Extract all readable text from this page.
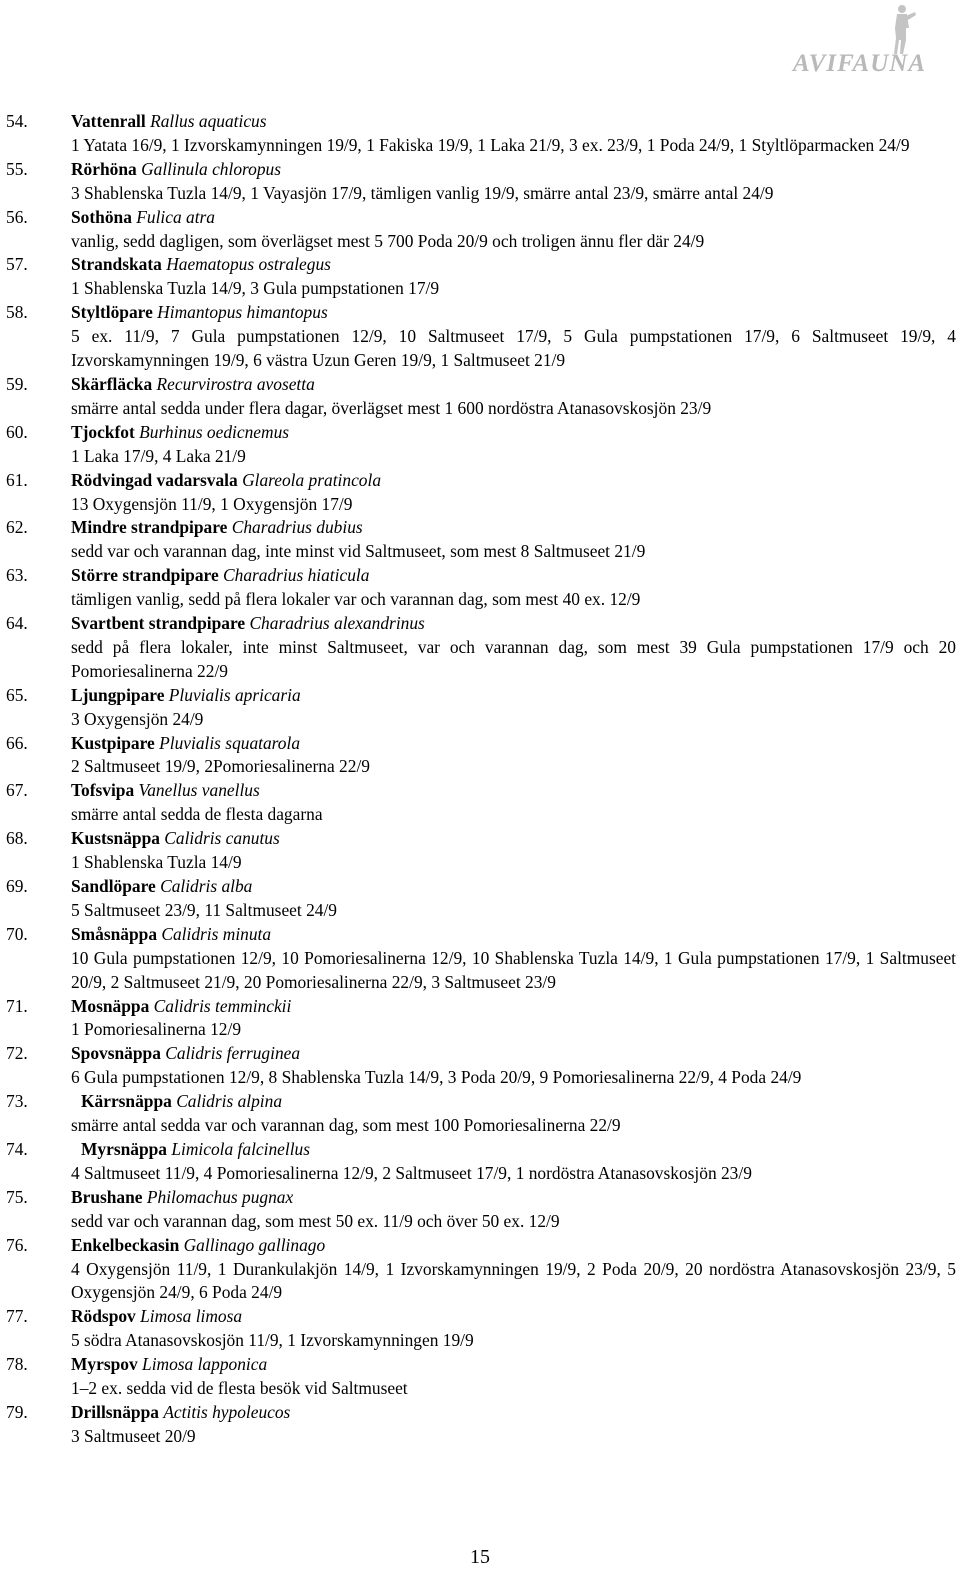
AVIFAUNA
54. Vattenrall Rallus aquaticus
1 Yatata 16/9, 1 Izvorskamynningen 19/9, 1 Fakiska 19/9, 1 Laka 21/9, 3 ex. 23/9, 1 Poda 24/9, 1 Styltlöparmacken 24/9
55. Rörhöna Gallinula chloropus
3 Shablenska Tuzla 14/9, 1 Vayasjön 17/9, tämligen vanlig 19/9, smärre antal 23/9, smärre antal 24/9
56. Sothöna Fulica atra
vanlig, sedd dagligen, som överlägset mest 5 700 Poda 20/9 och troligen ännu fler där 24/9
57. Strandskata Haematopus ostralegus
1 Shablenska Tuzla 14/9, 3 Gula pumpstationen 17/9
58. Styltlöpare Himantopus himantopus
5 ex. 11/9, 7 Gula pumpstationen 12/9, 10 Saltmuseet 17/9, 5 Gula pumpstationen 17/9, 6 Saltmuseet 19/9, 4 Izvorskamynningen 19/9, 6 västra Uzun Geren 19/9, 1 Saltmuseet 21/9
59. Skärfläcka Recurvirostra avosetta
smärre antal sedda under flera dagar, överlägset mest 1 600 nordöstra Atanasovskosjön 23/9
60. Tjockfot Burhinus oedicnemus
1 Laka 17/9, 4 Laka 21/9
61. Rödvingad vadarsvala Glareola pratincola
13 Oxygensjön 11/9, 1 Oxygensjön 17/9
62. Mindre strandpipare Charadrius dubius
sedd var och varannan dag, inte minst vid Saltmuseet, som mest 8 Saltmuseet 21/9
63. Större strandpipare Charadrius hiaticula
tämligen vanlig, sedd på flera lokaler var och varannan dag, som mest 40 ex. 12/9
64. Svartbent strandpipare Charadrius alexandrinus
sedd på flera lokaler, inte minst Saltmuseet, var och varannan dag, som mest 39 Gula pumpstationen 17/9 och 20 Pomoriesalinerna 22/9
65. Ljungpipare Pluvialis apricaria
3 Oxygensjön 24/9
66. Kustpipare Pluvialis squatarola
2 Saltmuseet 19/9, 2Pomoriesalinerna 22/9
67. Tofsvipa Vanellus vanellus
smärre antal sedda de flesta dagarna
68. Kustsnäppa Calidris canutus
1 Shablenska Tuzla 14/9
69. Sandlöpare Calidris alba
5 Saltmuseet 23/9, 11 Saltmuseet 24/9
70. Småsnäppa Calidris minuta
10 Gula pumpstationen 12/9, 10 Pomoriesalinerna 12/9, 10 Shablenska Tuzla 14/9, 1 Gula pumpstationen 17/9, 1 Saltmuseet 20/9, 2 Saltmuseet 21/9, 20 Pomoriesalinerna 22/9, 3 Saltmuseet 23/9
71. Mosnäppa Calidris temminckii
1 Pomoriesalinerna 12/9
72. Spovsnäppa Calidris ferruginea
6 Gula pumpstationen 12/9, 8 Shablenska Tuzla 14/9, 3 Poda 20/9, 9 Pomoriesalinerna 22/9, 4 Poda 24/9
73.	Kärrsnäppa Calidris alpina
smärre antal sedda var och varannan dag, som mest 100 Pomoriesalinerna 22/9
74.	Myrsnäppa Limicola falcinellus
4 Saltmuseet 11/9, 4 Pomoriesalinerna 12/9, 2 Saltmuseet 17/9, 1 nordöstra Atanasovskosjön 23/9
75. Brushane Philomachus pugnax
sedd var och varannan dag, som mest 50 ex. 11/9 och över 50 ex. 12/9
76. Enkelbeckasin Gallinago gallinago
4 Oxygensjön 11/9, 1 Durankulakjön 14/9, 1 Izvorskamynningen 19/9, 2 Poda 20/9, 20 nordöstra Atanasovskosjön 23/9, 5 Oxygensjön 24/9, 6 Poda 24/9
77. Rödspov Limosa limosa
5 södra Atanasovskosjön 11/9, 1 Izvorskamynningen 19/9
78. Myrspov Limosa lapponica
1–2 ex. sedda vid de flesta besök vid Saltmuseet
79. Drillsnäppa Actitis hypoleucos
3 Saltmuseet 20/9
15
